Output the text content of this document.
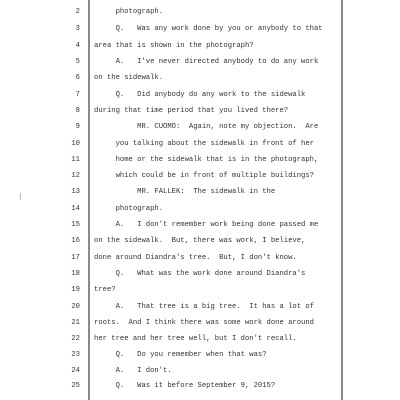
2 photograph.
3 Q.   Was any work done by you or anybody to that
4 area that is shown in the photograph?
5 A.   I've never directed anybody to do any work
6 on the sidewalk.
7 Q.   Did anybody do any work to the sidewalk
8 during that time period that you lived there?
9 MR. CUOMO:  Again, note my objection.  Are
10 you talking about the sidewalk in front of her
11 home or the sidewalk that is in the photograph,
12 which could be in front of multiple buildings?
13 MR. FALLEK:  The sidewalk in the
14 photograph.
15 A.   I don't remember work being done passed me
16 on the sidewalk.  But, there was work, I believe,
17 done around Diandra's tree.  But, I don't know.
18 Q.   What was the work done around Diandra's
19 tree?
20 A.   That tree is a big tree.  It has a lot of
21 roots.  And I think there was some work done around
22 her tree and her tree well, but I don't recall.
23 Q.   Do you remember when that was?
24 A.   I don't.
25 Q.   Was it before September 9, 2015?
